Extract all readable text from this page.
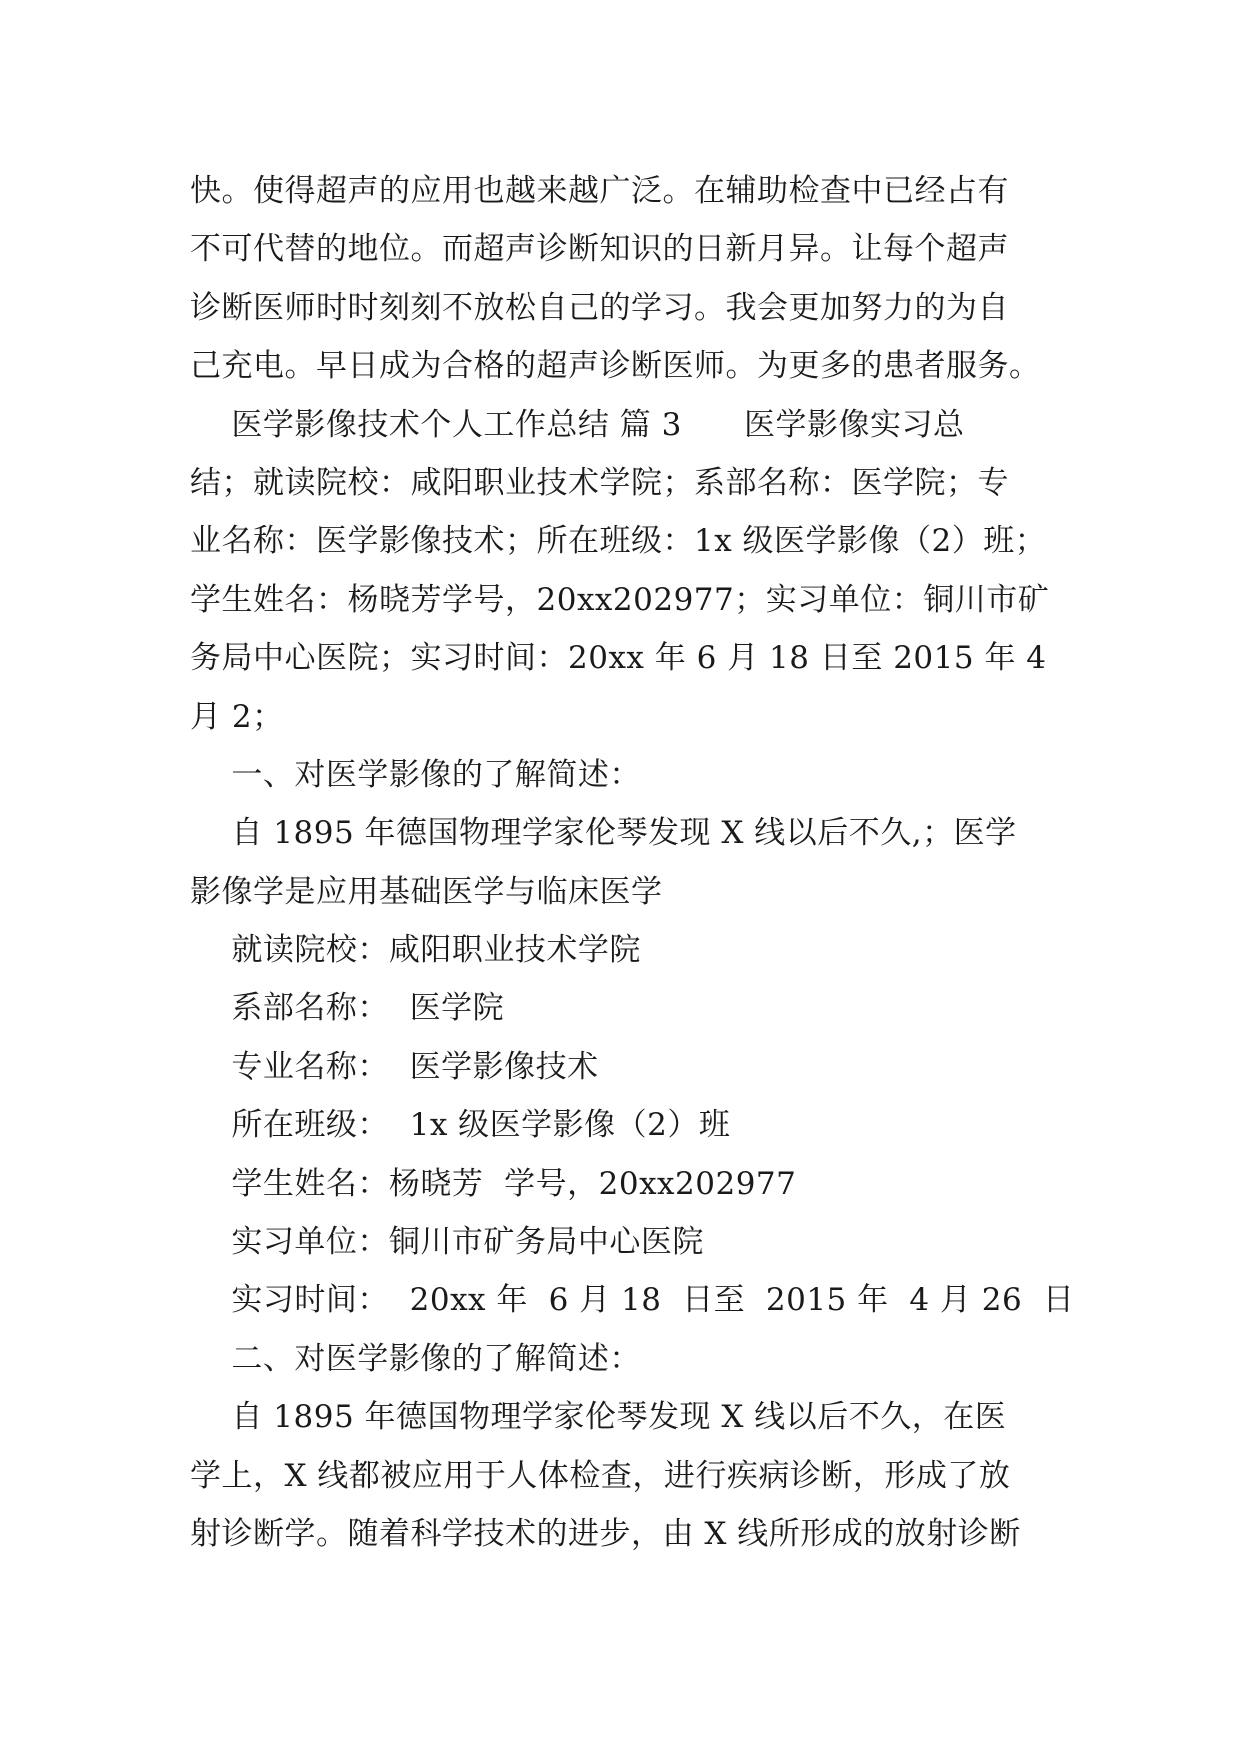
快。使得超声的应用也越来越广泛。在辅助检查中已经占有
不可代替的地位。而超声诊断知识的日新月异。让每个超声
诊断医师时时刻刻不放松自己的学习。我会更加努力的为自
己充电。早日成为合格的超声诊断医师。为更多的患者服务。
医学影像技术个人工作总结 篇 3      医学影像实习总
结；就读院校：咸阳职业技术学院；系部名称：医学院；专
业名称：医学影像技术；所在班级：1x 级医学影像（2）班；
学生姓名：杨晓芳学号，20xx202977；实习单位：铜川市矿
务局中心医院；实习时间：20xx 年 6 月 18 日至 2015 年 4
月 2；
一、对医学影像的了解简述：
自 1895 年德国物理学家伦琴发现 X 线以后不久,；医学
影像学是应用基础医学与临床医学
就读院校：咸阳职业技术学院
系部名称：  医学院
专业名称：  医学影像技术
所在班级：  1x 级医学影像（2）班
学生姓名：杨晓芳  学号，20xx202977
实习单位：铜川市矿务局中心医院
实习时间：  20xx 年  6 月 18  日至  2015 年  4 月 26  日
二、对医学影像的了解简述：
自 1895 年德国物理学家伦琴发现 X 线以后不久，在医
学上，X 线都被应用于人体检查，进行疾病诊断，形成了放
射诊断学。随着科学技术的进步，由 X 线所形成的放射诊断
